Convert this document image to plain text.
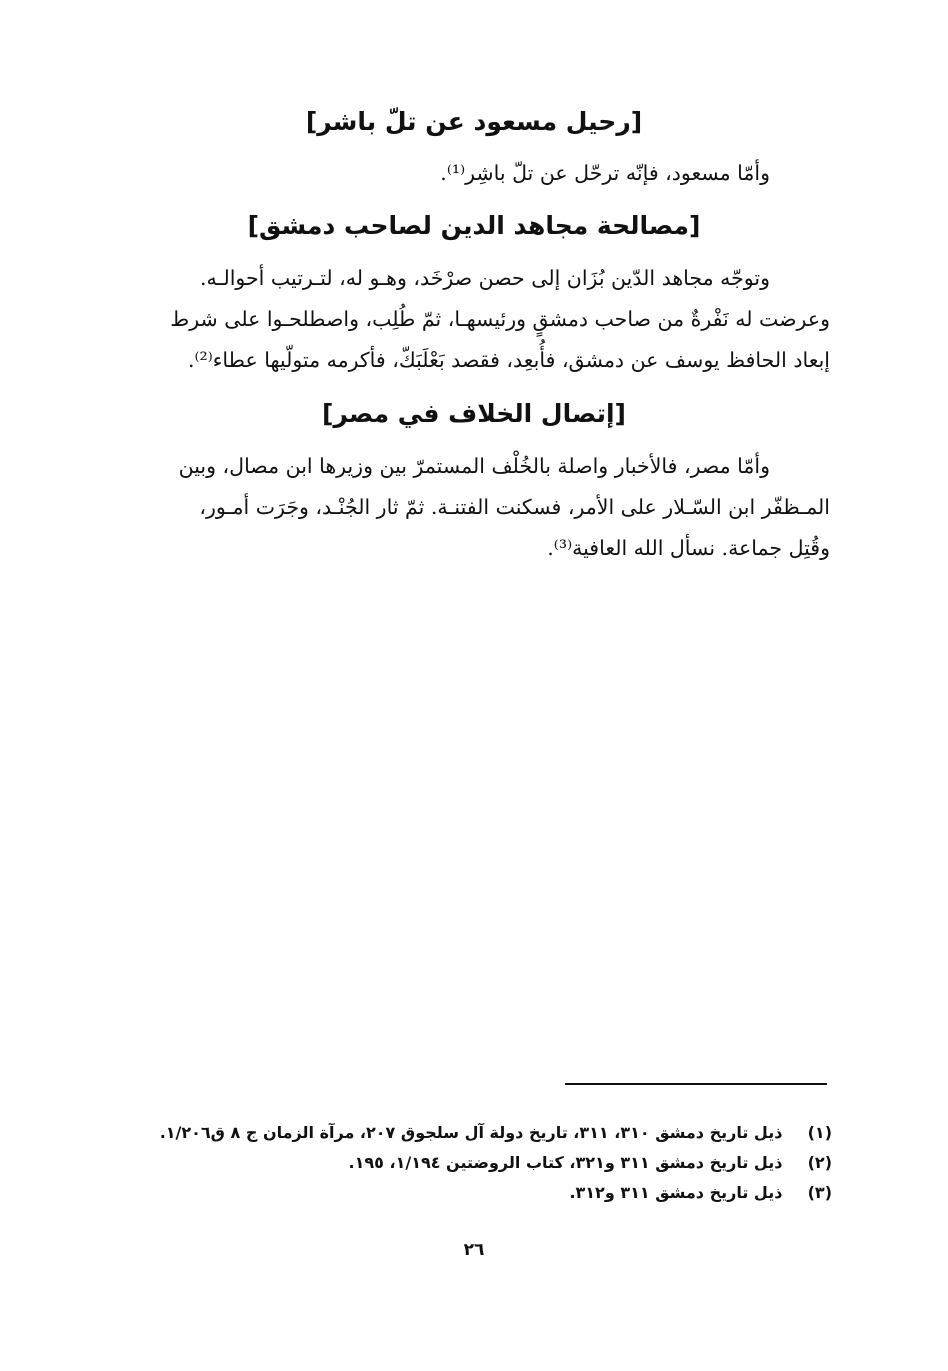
[رحيل مسعود عن تلّ باشر]

وأمّا مسعود، فإنّه ترحّل عن تلّ باشِر⁽¹⁾.

[مصالحة مجاهد الدين لصاحب دمشق]

وتوجّه مجاهد الدّين بُزَان إلى حصن صرْخَد، وهـو له، لتـرتيب أحوالـه.
وعرضت له نَفْرةٌ من صاحب دمشقٍ ورئيسهـا، ثمّ طُلِب، واصطلحـوا على شرط
إبعاد الحافظ يوسف عن دمشق، فأُبعِد، فقصد بَعْلَبَكّ، فأكرمه متولّيها عطاء⁽²⁾.

[إتصال الخلاف في مصر]

وأمّا مصر، فالأخبار واصلة بالخُلْف المستمرّ بين وزيرها ابن مصال، وبين
المـظفّر ابن السّـلار على الأمر، فسكنت الفتنـة. ثمّ ثار الجُنْـد، وجَرَت أمـور،
وقُتِل جماعة. نسأل الله العافية⁽³⁾.

(١) ذيل تاريخ دمشق ٣١٠، ٣١١، تاريخ دولة آل سلجوق ٢٠٧، مرآة الزمان ج ٨ ق١/٢٠٦.
(٢) ذيل تاريخ دمشق ٣١١ و٣٢١، كتاب الروضتين ١/١٩٤، ١٩٥.
(٣) ذيل تاريخ دمشق ٣١١ و٣١٢.
٢٦
